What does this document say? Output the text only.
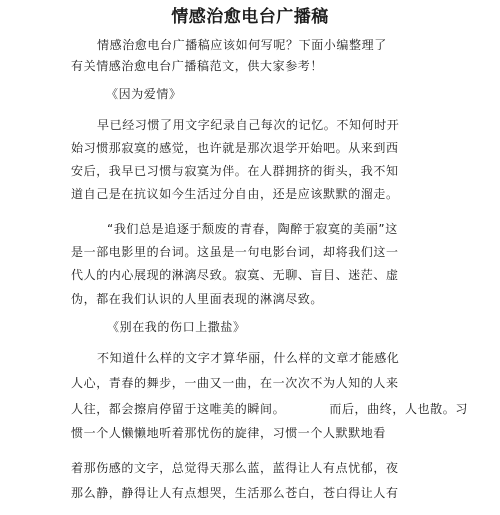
情感治愈电台广播稿
情感治愈电台广播稿应该如何写呢？下面小编整理了
有关情感治愈电台广播稿范文，供大家参考！
《因为爱情》
早已经习惯了用文字纪录自己每次的记忆。不知何时开
始习惯那寂寞的感觉，也许就是那次退学开始吧。从来到西
安后，我早已习惯与寂寞为伴。在人群拥挤的街头，我不知
道自己是在抗议如今生活过分自由，还是应该默默的溜走。
“我们总是追逐于颓废的青春，陶醉于寂寞的美丽”这
是一部电影里的台词。这虽是一句电影台词，却将我们这一
代人的内心展现的淋漓尽致。寂寞、无聊、盲目、迷茫、虚
伪，都在我们认识的人里面表现的淋漓尽致。
《别在我的伤口上撒盐》
不知道什么样的文字才算华丽，什么样的文章才能感化
人心，青春的舞步，一曲又一曲，在一次次不为人知的人来
人往，都会擦肩停留于这唯美的瞬间。          而后，曲终，人也散。习
惯一个人懒懒地听着那忧伤的旋律，习惯一个人默默地看
着那伤感的文字，总觉得天那么蓝，蓝得让人有点忧郁，夜
那么静，静得让人有点想哭，生活那么苍白，苍白得让人有
